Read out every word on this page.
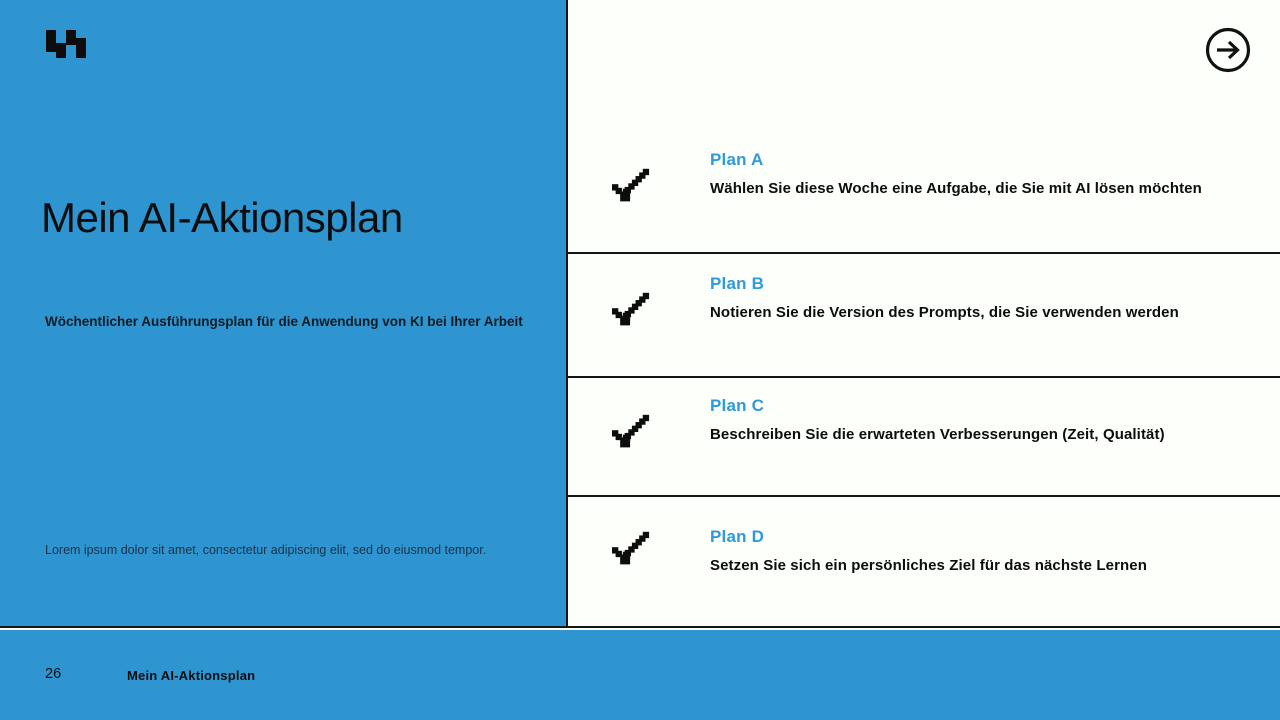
Mein AI-Aktionsplan

Wöchentlicher Ausführungsplan für die Anwendung von KI bei Ihrer Arbeit

Lorem ipsum dolor sit amet, consectetur adipiscing elit, sed do eiusmod tempor.

Plan A
Wählen Sie diese Woche eine Aufgabe, die Sie mit AI lösen möchten
Plan B
Notieren Sie die Version des Prompts, die Sie verwenden werden
Plan C
Beschreiben Sie die erwarteten Verbesserungen (Zeit, Qualität)
Plan D
Setzen Sie sich ein persönliches Ziel für das nächste Lernen
26	Mein AI-Aktionsplan
